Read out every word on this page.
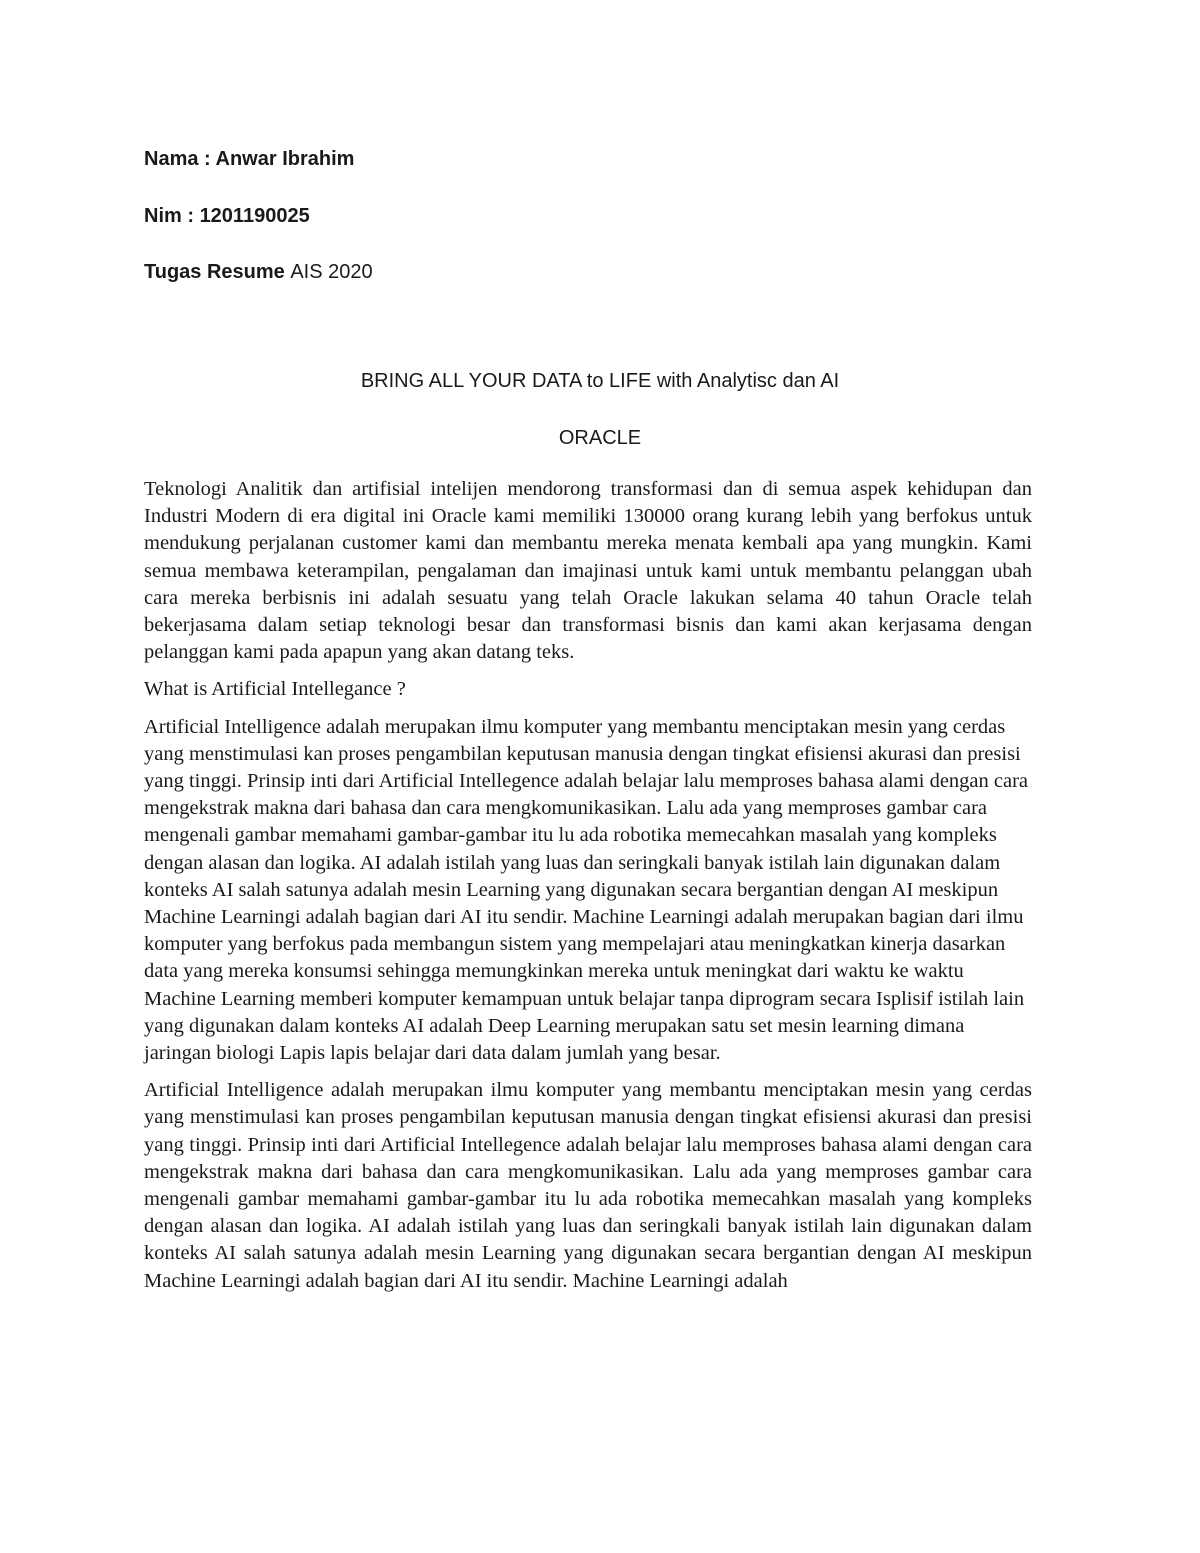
Nama : Anwar Ibrahim
Nim : 1201190025
Tugas Resume AIS 2020
BRING ALL YOUR DATA to LIFE with Analytisc dan AI
ORACLE

Teknologi Analitik dan artifisial intelijen mendorong transformasi dan di semua aspek kehidupan dan Industri Modern di era digital ini Oracle kami memiliki 130000 orang kurang lebih yang berfokus untuk mendukung perjalanan customer kami dan membantu mereka menata kembali apa yang mungkin. Kami semua membawa keterampilan, pengalaman dan imajinasi untuk kami untuk membantu pelanggan ubah cara mereka berbisnis ini adalah sesuatu yang telah Oracle lakukan selama 40 tahun Oracle telah bekerjasama dalam setiap teknologi besar dan transformasi bisnis dan kami akan kerjasama dengan pelanggan kami pada apapun yang akan datang teks.

What is Artificial Intellegance ?

Artificial Intelligence adalah merupakan ilmu komputer yang membantu menciptakan mesin yang cerdas yang menstimulasi kan proses pengambilan keputusan manusia dengan tingkat efisiensi akurasi dan presisi yang tinggi. Prinsip inti dari Artificial Intellegence adalah belajar lalu memproses bahasa alami dengan cara mengekstrak makna dari bahasa dan cara mengkomunikasikan. Lalu ada yang memproses gambar cara mengenali gambar memahami gambar-gambar itu lu ada robotika memecahkan masalah yang kompleks dengan alasan dan logika. AI adalah istilah yang luas dan seringkali banyak istilah lain digunakan dalam konteks AI salah satunya adalah mesin Learning yang digunakan secara bergantian dengan AI meskipun Machine Learningi adalah bagian dari AI itu sendir. Machine Learningi adalah merupakan bagian dari ilmu komputer yang berfokus pada membangun sistem yang mempelajari atau meningkatkan kinerja dasarkan data yang mereka konsumsi sehingga memungkinkan mereka untuk meningkat dari waktu ke waktu Machine Learning memberi komputer kemampuan untuk belajar tanpa diprogram secara Isplisif istilah lain yang digunakan dalam konteks AI adalah Deep Learning merupakan satu set mesin learning dimana jaringan biologi Lapis lapis belajar dari data dalam jumlah yang besar.

Artificial Intelligence adalah merupakan ilmu komputer yang membantu menciptakan mesin yang cerdas yang menstimulasi kan proses pengambilan keputusan manusia dengan tingkat efisiensi akurasi dan presisi yang tinggi. Prinsip inti dari Artificial Intellegence adalah belajar lalu memproses bahasa alami dengan cara mengekstrak makna dari bahasa dan cara mengkomunikasikan. Lalu ada yang memproses gambar cara mengenali gambar memahami gambar-gambar itu lu ada robotika memecahkan masalah yang kompleks dengan alasan dan logika. AI adalah istilah yang luas dan seringkali banyak istilah lain digunakan dalam konteks AI salah satunya adalah mesin Learning yang digunakan secara bergantian dengan AI meskipun Machine Learningi adalah bagian dari AI itu sendir. Machine Learningi adalah
